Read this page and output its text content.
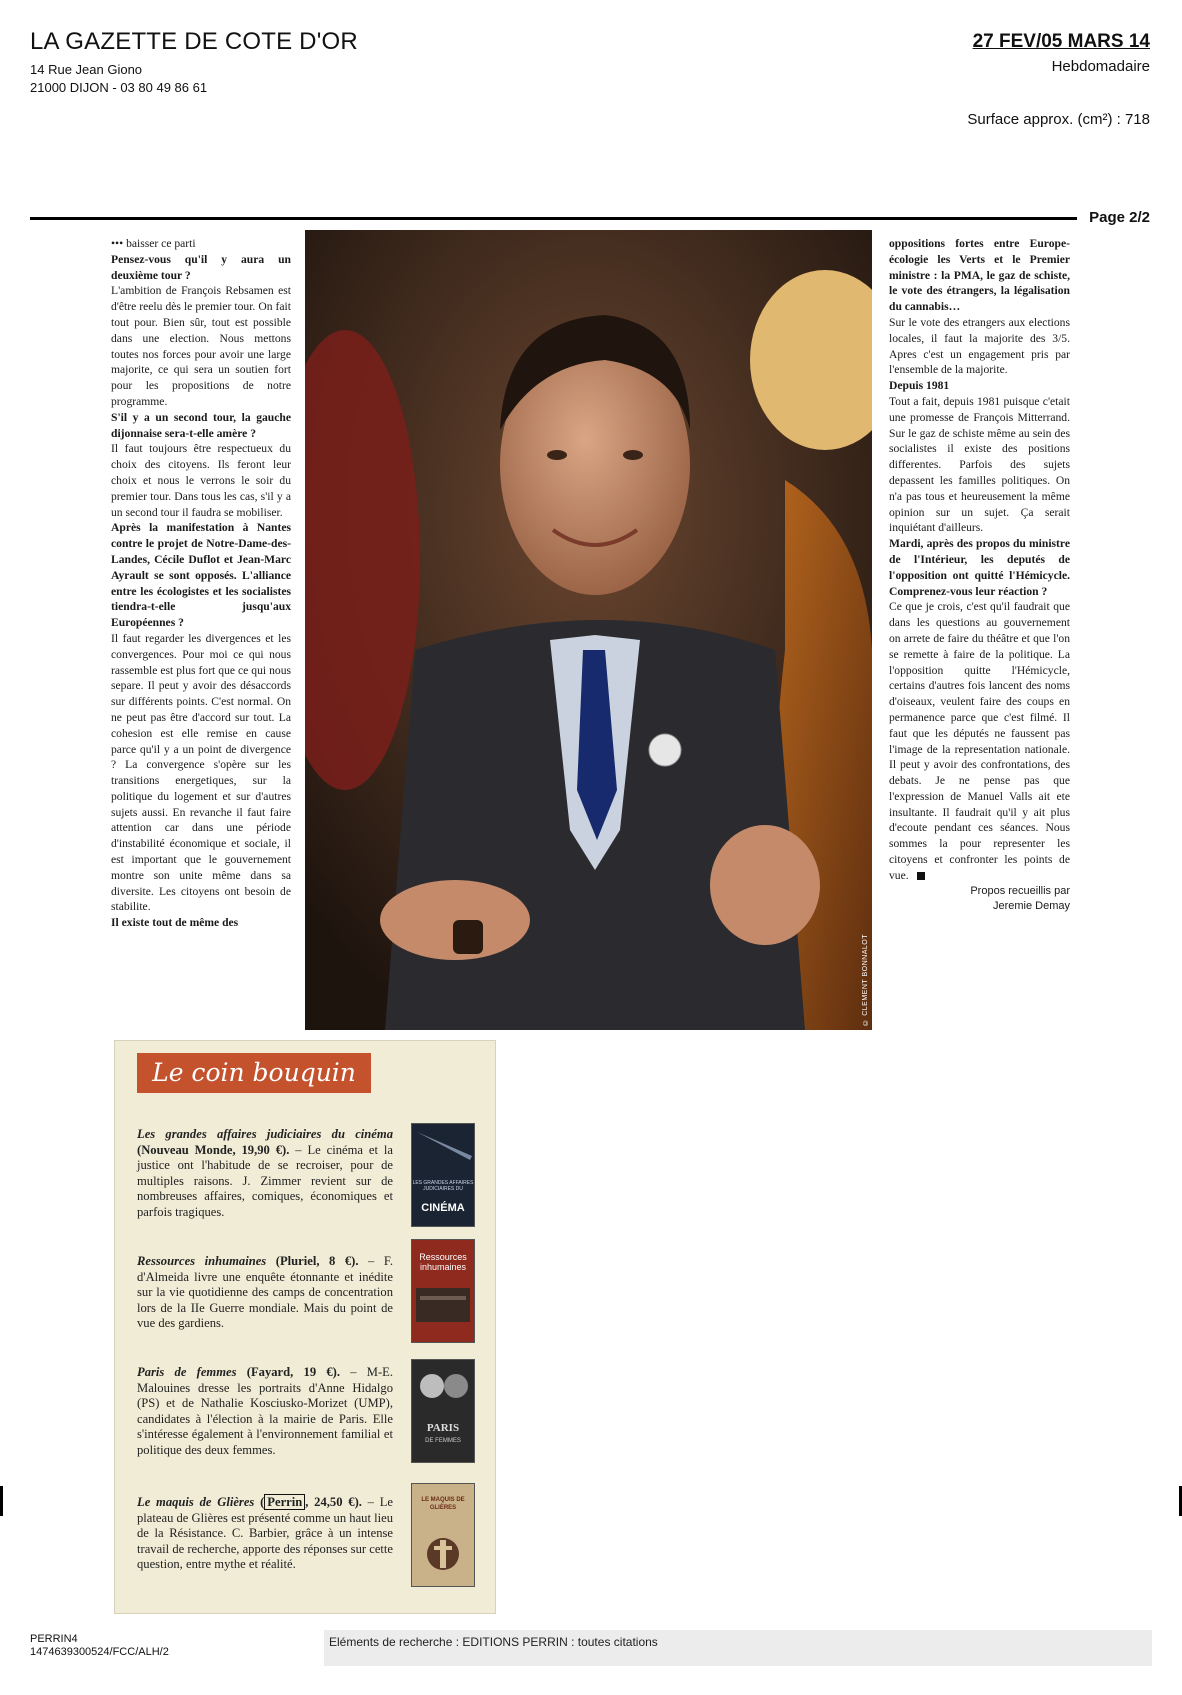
LA GAZETTE DE COTE D'OR
14 Rue Jean Giono
21000 DIJON - 03 80 49 86 61
27 FEV/05 MARS 14
Hebdomadaire
Surface approx. (cm²) : 718
Page 2/2

••• baisser ce parti

Pensez-vous qu'il y aura un deuxième tour ?

L'ambition de François Rebsamen est d'être reelu dès le premier tour. On fait tout pour. Bien sûr, tout est possible dans une election. Nous mettons toutes nos forces pour avoir une large majorite, ce qui sera un soutien fort pour les propositions de notre programme.

S'il y a un second tour, la gauche dijonnaise sera-t-elle amère ?

Il faut toujours être respectueux du choix des citoyens. Ils feront leur choix et nous le verrons le soir du premier tour. Dans tous les cas, s'il y a un second tour il faudra se mobiliser.

Après la manifestation à Nantes contre le projet de Notre-Dame-des-Landes, Cécile Duflot et Jean-Marc Ayrault se sont opposés. L'alliance entre les écologistes et les socialistes tiendra-t-elle jusqu'aux Européennes ?

Il faut regarder les divergences et les convergences. Pour moi ce qui nous rassemble est plus fort que ce qui nous separe. Il peut y avoir des désaccords sur différents points. C'est normal. On ne peut pas être d'accord sur tout. La cohesion est elle remise en cause parce qu'il y a un point de divergence ? La convergence s'opère sur les transitions energetiques, sur la politique du logement et sur d'autres sujets aussi. En revanche il faut faire attention car dans une période d'instabilité économique et sociale, il est important que le gouvernement montre son unite même dans sa diversite. Les citoyens ont besoin de stabilite.

Il existe tout de même des

© CLEMENT BONNALOT

oppositions fortes entre Europe-écologie les Verts et le Premier ministre : la PMA, le gaz de schiste, le vote des étrangers, la légalisation du cannabis…

Sur le vote des etrangers aux elections locales, il faut la majorite des 3/5. Apres c'est un engagement pris par l'ensemble de la majorite.

Depuis 1981

Tout a fait, depuis 1981 puisque c'etait une promesse de François Mitterrand. Sur le gaz de schiste même au sein des socialistes il existe des positions differentes. Parfois des sujets depassent les familles politiques. On n'a pas tous et heureusement la même opinion sur un sujet. Ça serait inquiétant d'ailleurs.

Mardi, après des propos du ministre de l'Intérieur, les deputés de l'opposition ont quitté l'Hémicycle. Comprenez-vous leur réaction ?

Ce que je crois, c'est qu'il faudrait que dans les questions au gouvernement on arrete de faire du théâtre et que l'on se remette à faire de la politique. La l'opposition quitte l'Hémicycle, certains d'autres fois lancent des noms d'oiseaux, veulent faire des coups en permanence parce que c'est filmé. Il faut que les députés ne faussent pas l'image de la representation nationale. Il peut y avoir des confrontations, des debats. Je ne pense pas que l'expression de Manuel Valls ait ete insultante. Il faudrait qu'il y ait plus d'ecoute pendant ces séances. Nous sommes la pour representer les citoyens et confronter les points de vue.

Propos recueillis par
Jeremie Demay
Le coin bouquin
Les grandes affaires judiciaires du cinéma (Nouveau Monde, 19,90 €). – Le cinéma et la justice ont l'habitude de se recroiser, pour de multiples raisons. J. Zimmer revient sur de nombreuses affaires, comiques, économiques et parfois tragiques.
LES GRANDES AFFAIRES JUDICIAIRES DU
CINÉMA
Ressources inhumaines (Pluriel, 8 €). – F. d'Almeida livre une enquête étonnante et inédite sur la vie quotidienne des camps de concentration lors de la IIe Guerre mondiale. Mais du point de vue des gardiens.
Ressources inhumaines
Paris de femmes (Fayard, 19 €). – M-E. Malouines dresse les portraits d'Anne Hidalgo (PS) et de Nathalie Kosciusko-Morizet (UMP), candidates à l'élection à la mairie de Paris. Elle s'intéresse également à l'environnement familial et politique des deux femmes.
PARIS
DE FEMMES
Le maquis de Glières ( Perrin , 24,50 €). – Le plateau de Glières est présenté comme un haut lieu de la Résistance. C. Barbier, grâce à un intense travail de recherche, apporte des réponses sur cette question, entre mythe et réalité.
LE MAQUIS DE GLIÈRES
PERRIN4
1474639300524/FCC/ALH/2
Eléments de recherche : EDITIONS PERRIN : toutes citations
